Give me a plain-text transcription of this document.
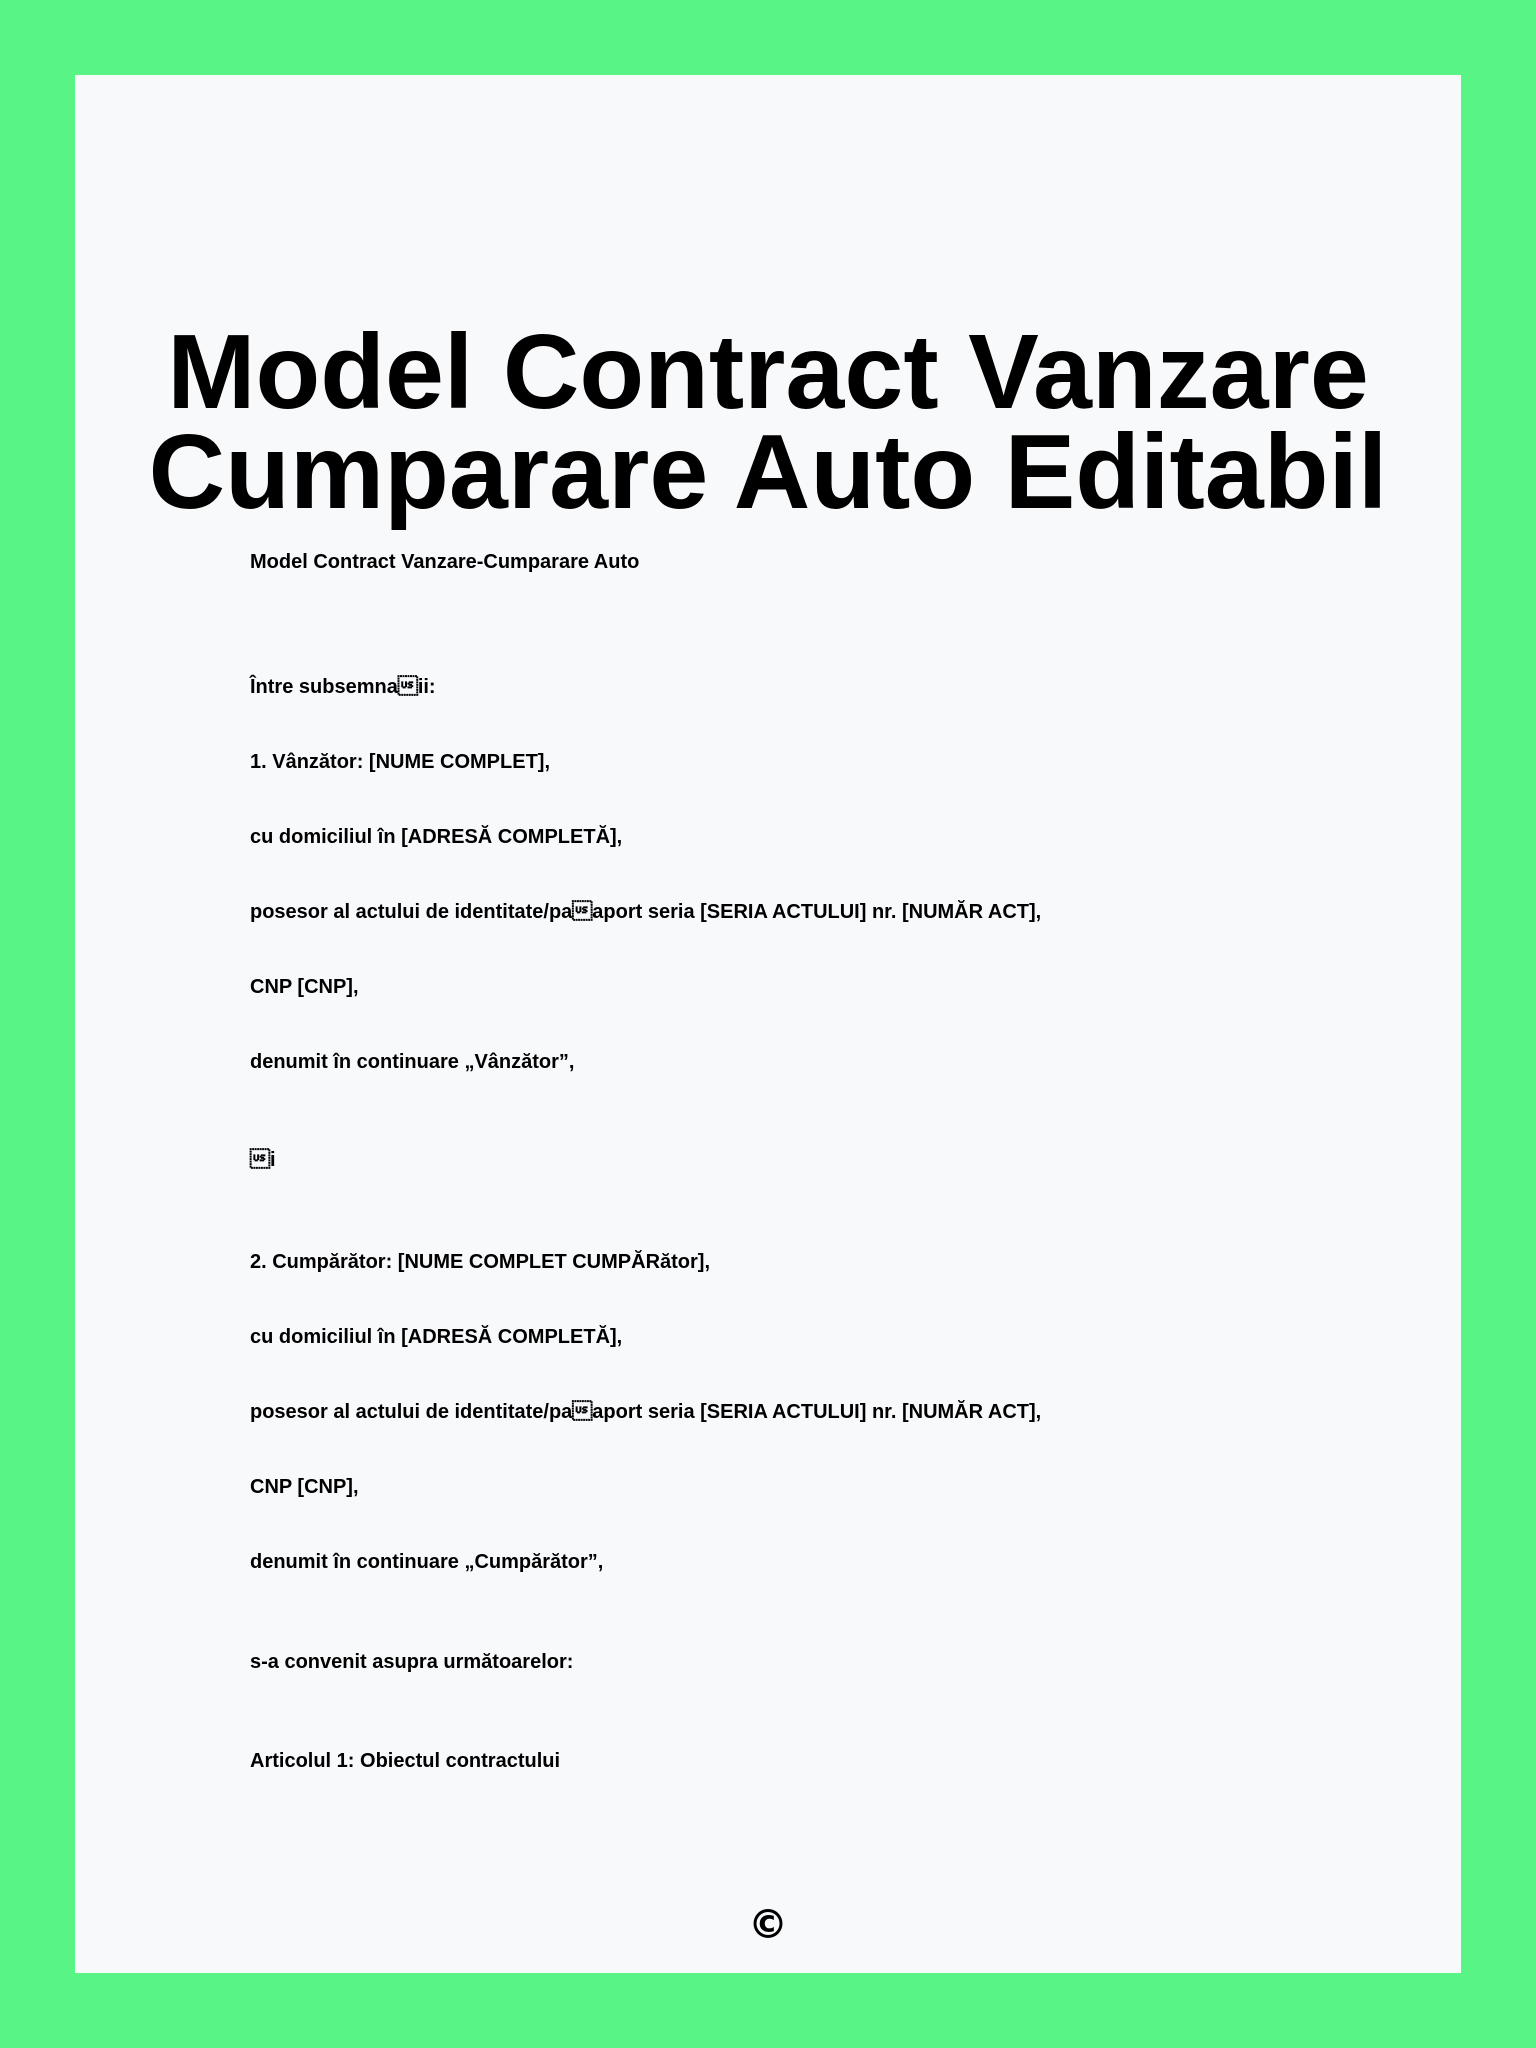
Model Contract Vanzare
Cumparare Auto Editabil

Model Contract Vanzare-Cumparare Auto

Între subsemnaii:

1. Vânzător: [NUME COMPLET],

cu domiciliul în [ADRESĂ COMPLETĂ],

posesor al actului de identitate/paaport seria [SERIA ACTULUI] nr. [NUMĂR ACT],

CNP [CNP],

denumit în continuare „Vânzător”,

i

2. Cumpărător: [NUME COMPLET CUMPĂRător],

cu domiciliul în [ADRESĂ COMPLETĂ],

posesor al actului de identitate/paaport seria [SERIA ACTULUI] nr. [NUMĂR ACT],

CNP [CNP],

denumit în continuare „Cumpărător”,

s-a convenit asupra următoarelor:

Articolul 1: Obiectul contractului

©
